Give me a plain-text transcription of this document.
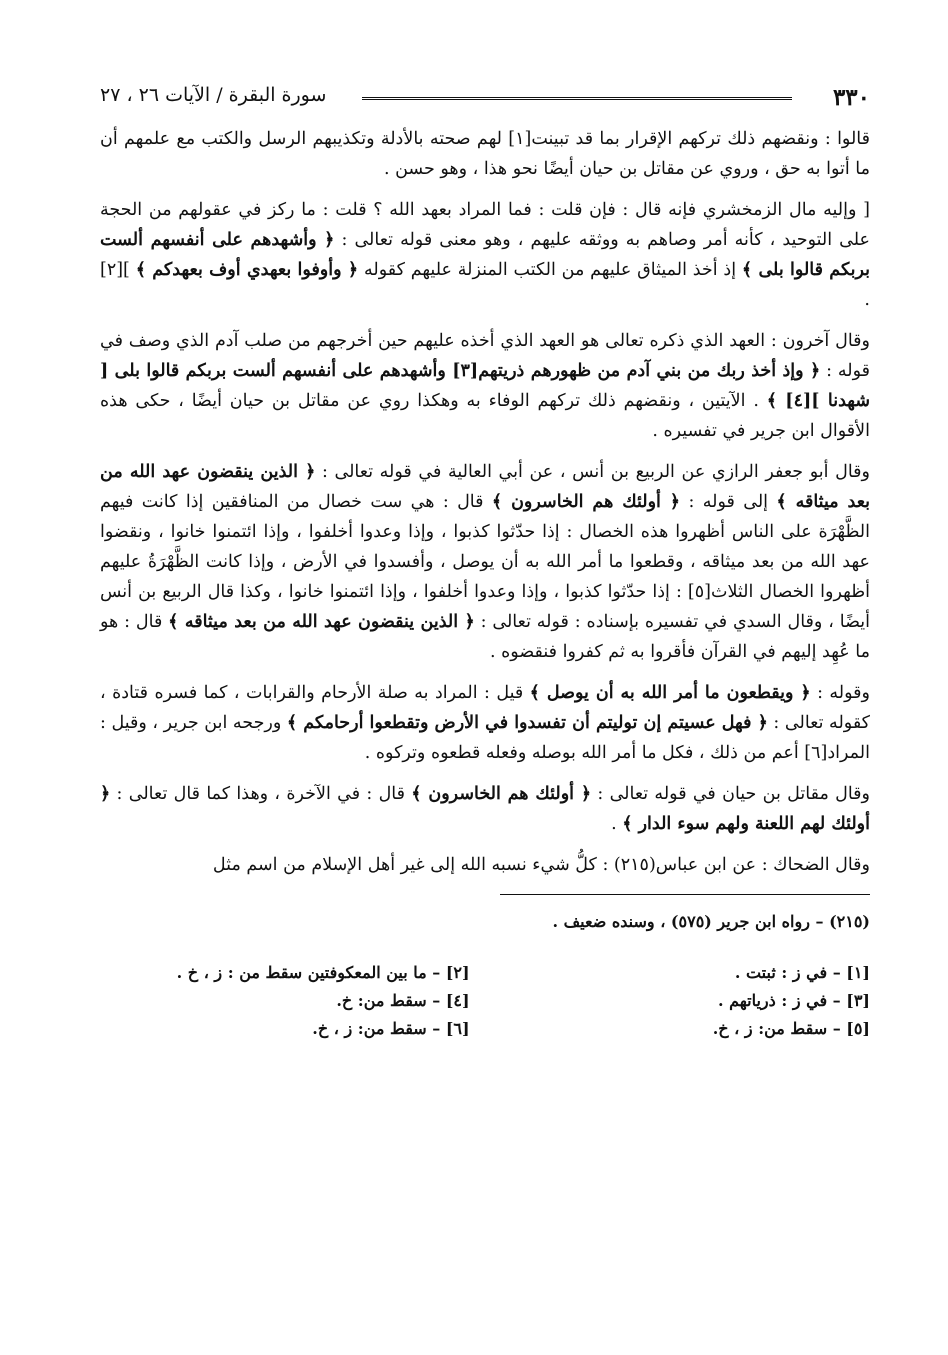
٣٣٠
سورة البقرة / الآيات ٢٦ ، ٢٧

قالوا : ونقضهم ذلك تركهم الإقرار بما قد تبينت[١] لهم صحته بالأدلة وتكذيبهم الرسل والكتب مع علمهم أن ما أتوا به حق ، وروي عن مقاتل بن حيان أيضًا نحو هذا ، وهو حسن .

[ وإليه مال الزمخشري فإنه قال : فإن قلت : فما المراد بعهد الله ؟ قلت : ما ركز في عقولهم من الحجة على التوحيد ، كأنه أمر وصاهم به ووثقه عليهم ، وهو معنى قوله تعالى : ﴿ وأشهدهم على أنفسهم ألست بربكم قالوا بلى ﴾ إذ أخذ الميثاق عليهم من الكتب المنزلة عليهم كقوله ﴿ وأوفوا بعهدي أوف بعهدكم ﴾ ][٢] .

وقال آخرون : العهد الذي ذكره تعالى هو العهد الذي أخذه عليهم حين أخرجهم من صلب آدم الذي وصف في قوله : ﴿ وإذ أخذ ربك من بني آدم من ظهورهم ذريتهم[٣] وأشهدهم على أنفسهم ألست بربكم قالوا بلى [ شهدنا ][٤] ﴾ . الآيتين ، ونقضهم ذلك تركهم الوفاء به وهكذا روي عن مقاتل بن حيان أيضًا ، حكى هذه الأقوال ابن جرير في تفسيره .

وقال أبو جعفر الرازي عن الربيع بن أنس ، عن أبي العالية في قوله تعالى : ﴿ الذين ينقضون عهد الله من بعد ميثاقه ﴾ إلى قوله : ﴿ أولئك هم الخاسرون ﴾ قال : هي ست خصال من المنافقين إذا كانت فيهم الظَّهْرَة على الناس أظهروا هذه الخصال : إذا حدّثوا كذبوا ، وإذا وعدوا أخلفوا ، وإذا ائتمنوا خانوا ، ونقضوا عهد الله من بعد ميثاقه ، وقطعوا ما أمر الله به أن يوصل ، وأفسدوا في الأرض ، وإذا كانت الظَّهْرَةُ عليهم أظهروا الخصال الثلاث[٥] : إذا حدّثوا كذبوا ، وإذا وعدوا أخلفوا ، وإذا ائتمنوا خانوا ، وكذا قال الربيع بن أنس أيضًا ، وقال السدي في تفسيره بإسناده : قوله تعالى : ﴿ الذين ينقضون عهد الله من بعد ميثاقه ﴾ قال : هو ما عُهِد إليهم في القرآن فأقروا به ثم كفروا فنقضوه .

وقوله : ﴿ ويقطعون ما أمر الله به أن يوصل ﴾ قيل : المراد به صلة الأرحام والقرابات ، كما فسره قتادة ، كقوله تعالى : ﴿ فهل عسيتم إن توليتم أن تفسدوا في الأرض وتقطعوا أرحامكم ﴾ ورجحه ابن جرير ، وقيل : المراد[٦] أعم من ذلك ، فكل ما أمر الله بوصله وفعله قطعوه وتركوه .

وقال مقاتل بن حيان في قوله تعالى : ﴿ أولئك هم الخاسرون ﴾ قال : في الآخرة ، وهذا كما قال تعالى : ﴿ أولئك لهم اللعنة ولهم سوء الدار ﴾ .

وقال الضحاك : عن ابن عباس(٢١٥) : كلُّ شيء نسبه الله إلى غير أهل الإسلام من اسم مثل

(٢١٥) – رواه ابن جرير (٥٧٥) ، وسنده ضعيف .

[١] – في ز : ثبتت .
[٣] – في ز : ذرياتهم .
[٥] – سقط من: ز ، خ.
[٢] – ما بين المعكوفتين سقط من : ز ، خ .
[٤] – سقط من: خ.
[٦] – سقط من: ز ، خ.
